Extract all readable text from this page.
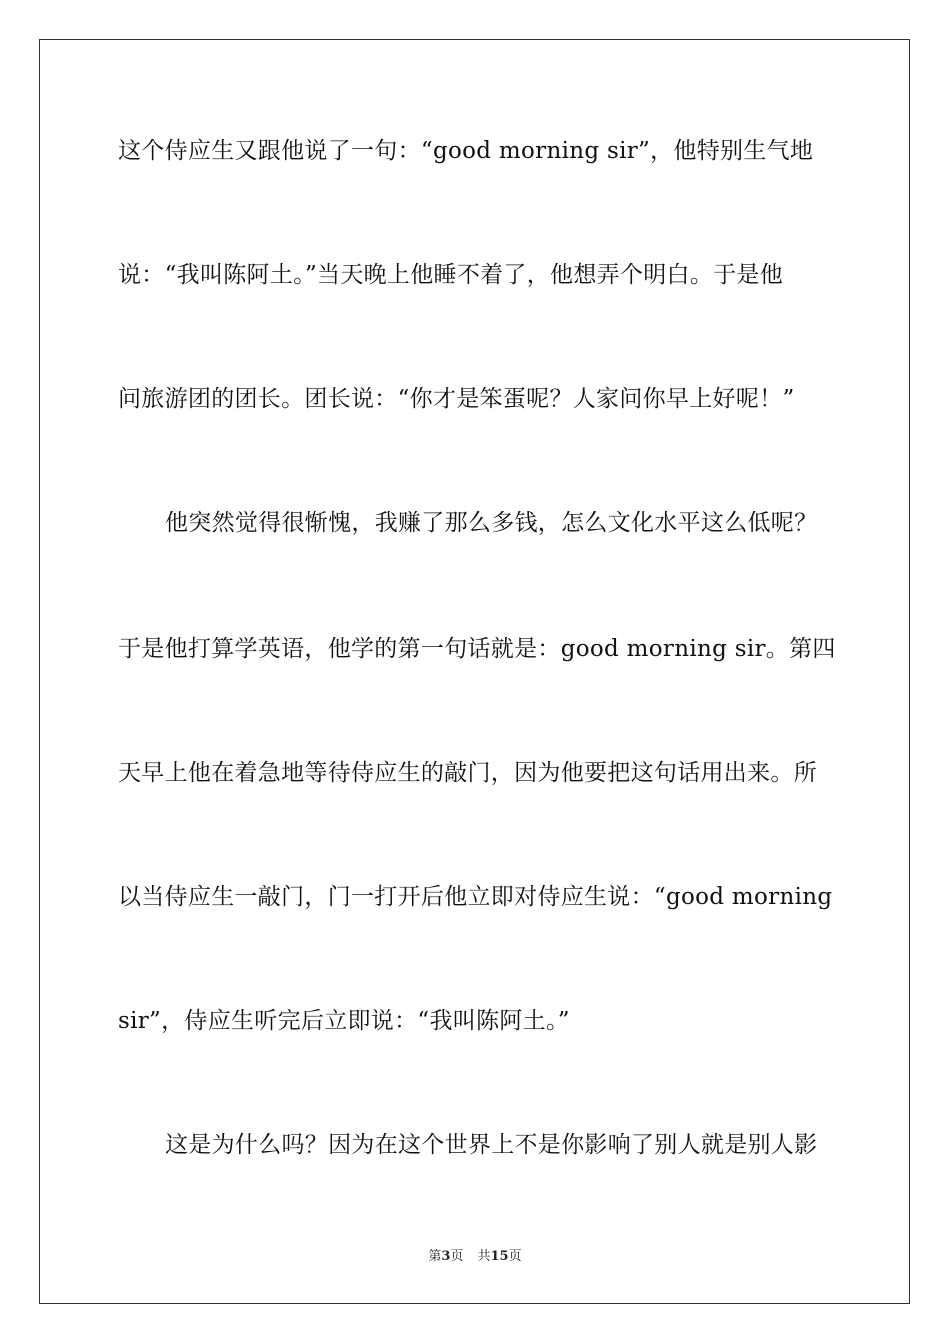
这个侍应生又跟他说了一句：“good morning sir”，他特别生气地
说：“我叫陈阿土。”当天晚上他睡不着了，他想弄个明白。于是他
问旅游团的团长。团长说：“你才是笨蛋呢？人家问你早上好呢！”
他突然觉得很惭愧，我赚了那么多钱，怎么文化水平这么低呢？
于是他打算学英语，他学的第一句话就是：good morning sir。第四
天早上他在着急地等待侍应生的敲门，因为他要把这句话用出来。所
以当侍应生一敲门，门一打开后他立即对侍应生说：“good morning
sir”，侍应生听完后立即说：“我叫陈阿土。”
这是为什么吗？因为在这个世界上不是你影响了别人就是别人影
第3页 共15页
